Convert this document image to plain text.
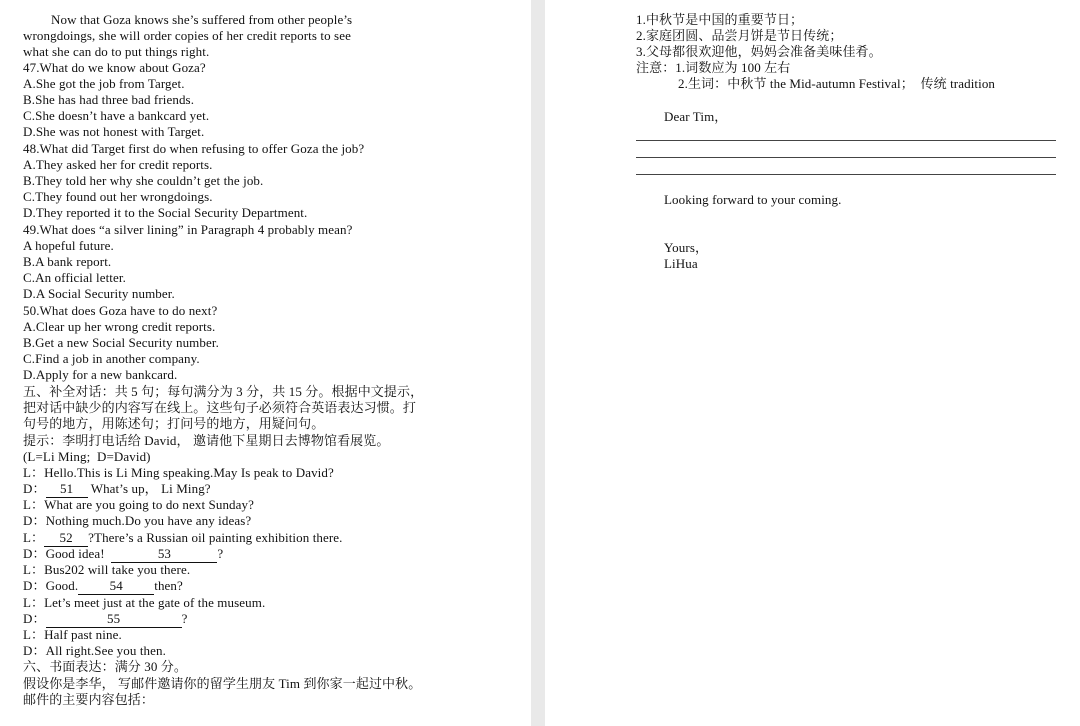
Now that Goza knows she’s suffered from other people’s
wrongdoings, she will order copies of her credit reports to see
what she can do to put things right.
47.What do we know about Goza?
A.She got the job from Target.
B.She has had three bad friends.
C.She doesn’t have a bankcard yet.
D.She was not honest with Target.
48.What did Target first do when refusing to offer Goza the job?
A.They asked her for credit reports.
B.They told her why she couldn’t get the job.
C.They found out her wrongdoings.
D.They reported it to the Social Security Department.
49.What does “a silver lining” in Paragraph 4 probably mean?
A hopeful future.
B.A bank report.
C.An official letter.
D.A Social Security number.
50.What does Goza have to do next?
A.Clear up her wrong credit reports.
B.Get a new Social Security number.
C.Find a job in another company.
D.Apply for a new bankcard.
五、补全对话：共 5 句；每句满分为 3 分，共 15 分。根据中文提示，
把对话中缺少的内容写在线上。这些句子必须符合英语表达习惯。打
句号的地方，用陈述句；打问号的地方，用疑问句。
提示：李明打电话给 David， 邀请他下星期日去博物馆看展览。
(L=Li Ming;  D=David)
L：Hello.This is Li Ming speaking.May Is peak to David?
D： 51 What’s up， Li Ming?
L：What are you going to do next Sunday?
D：Nothing much.Do you have any ideas?
L： 52 ?There’s a Russian oil painting exhibition there.
D：Good idea!	53	?
L：Bus202 will take you there.
D：Good. 54 then?
L：Let’s meet just at the gate of the museum.
D：	55	?
L：Half past nine.
D：All right.See you then.
六、书面表达：满分 30 分。
假设你是李华， 写邮件邀请你的留学生朋友 Tim 到你家一起过中秋。
邮件的主要内容包括：
1.中秋节是中国的重要节日；
2.家庭团圆、品尝月饼是节日传统；
3.父母都很欢迎他，妈妈会准备美味佳肴。
注意：1.词数应为 100 左右
2.生词：中秋节 the Mid-autumn Festival；  传统 tradition
Dear Tim，
Looking forward to your coming.
Yours，
LiHua
